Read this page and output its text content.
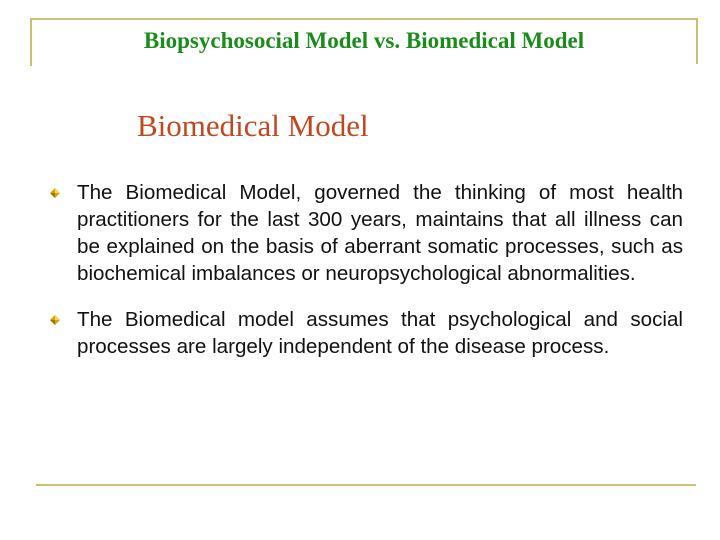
Biopsychosocial Model vs. Biomedical Model
Biomedical Model
The Biomedical Model, governed the thinking of most health practitioners for the last 300 years, maintains that all illness can be explained on the basis of aberrant somatic processes, such as biochemical imbalances or neuropsychological abnormalities.
The Biomedical model assumes that psychological and social processes are largely independent of the disease process.
